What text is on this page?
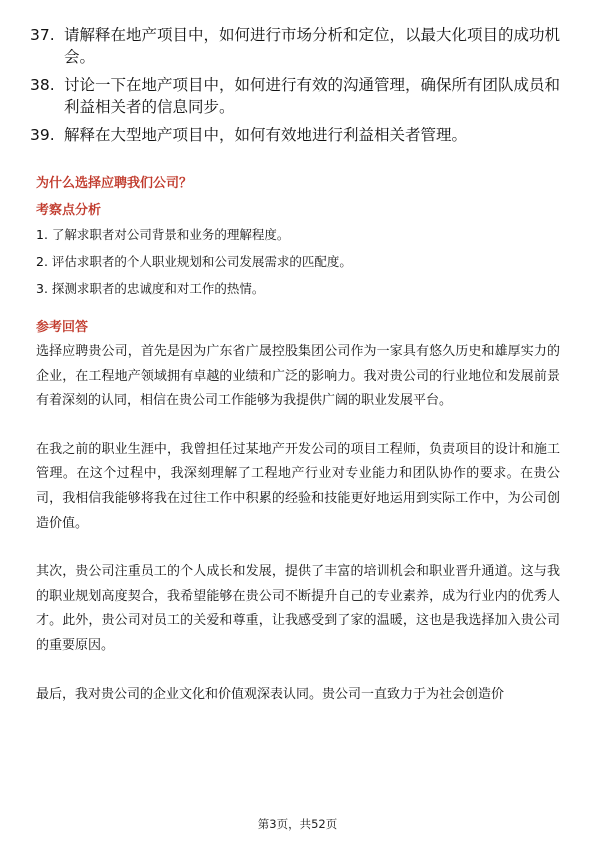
37. 请解释在地产项目中，如何进行市场分析和定位，以最大化项目的成功机会。
38. 讨论一下在地产项目中，如何进行有效的沟通管理，确保所有团队成员和利益相关者的信息同步。
39. 解释在大型地产项目中，如何有效地进行利益相关者管理。
为什么选择应聘我们公司？
考察点分析
1. 了解求职者对公司背景和业务的理解程度。
2. 评估求职者的个人职业规划和公司发展需求的匹配度。
3. 探测求职者的忠诚度和对工作的热情。
参考回答

选择应聘贵公司，首先是因为广东省广晟控股集团公司作为一家具有悠久历史和雄厚实力的企业，在工程地产领域拥有卓越的业绩和广泛的影响力。我对贵公司的行业地位和发展前景有着深刻的认同，相信在贵公司工作能够为我提供广阔的职业发展平台。

在我之前的职业生涯中，我曾担任过某地产开发公司的项目工程师，负责项目的设计和施工管理。在这个过程中，我深刻理解了工程地产行业对专业能力和团队协作的要求。在贵公司，我相信我能够将我在过往工作中积累的经验和技能更好地运用到实际工作中，为公司创造价值。

其次，贵公司注重员工的个人成长和发展，提供了丰富的培训机会和职业晋升通道。这与我的职业规划高度契合，我希望能够在贵公司不断提升自己的专业素养，成为行业内的优秀人才。此外，贵公司对员工的关爱和尊重，让我感受到了家的温暖，这也是我选择加入贵公司的重要原因。

最后，我对贵公司的企业文化和价值观深表认同。贵公司一直致力于为社会创造价

第3页，共52页
